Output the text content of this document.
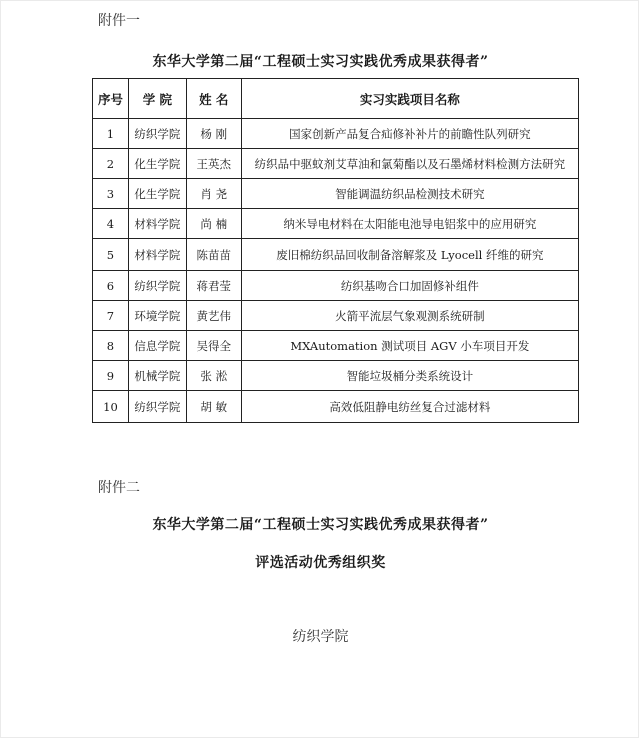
附件一
东华大学第二届“工程硕士实习实践优秀成果获得者”
序号	学 院	姓 名	实习实践项目名称
1	纺织学院	杨 刚	国家创新产品复合疝修补补片的前瞻性队列研究
2	化生学院	王英杰	纺织品中驱蚊剂艾草油和氯菊酯以及石墨烯材料检测方法研究
3	化生学院	肖 尧	智能调温纺织品检测技术研究
4	材料学院	尚 楠	纳米导电材料在太阳能电池导电铝浆中的应用研究
5	材料学院	陈苗苗	废旧棉纺织品回收制备溶解浆及 Lyocell 纤维的研究
6	纺织学院	蒋君莹	纺织基吻合口加固修补组件
7	环境学院	黄艺伟	火箭平流层气象观测系统研制
8	信息学院	吴得全	MXAutomation 测试项目 AGV 小车项目开发
9	机械学院	张 淞	智能垃圾桶分类系统设计
10	纺织学院	胡 敏	高效低阻静电纺丝复合过滤材料
附件二
东华大学第二届“工程硕士实习实践优秀成果获得者”
评选活动优秀组织奖
纺织学院
